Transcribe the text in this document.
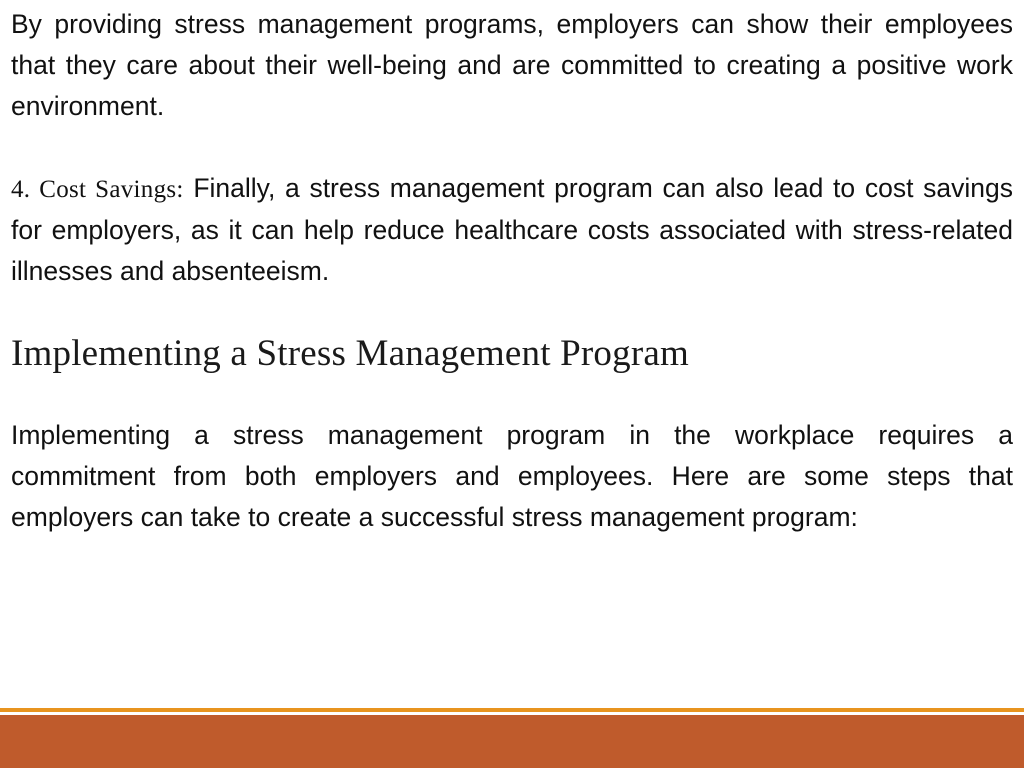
By providing stress management programs, employers can show their employees that they care about their well-being and are committed to creating a positive work environment.

4. Cost Savings: Finally, a stress management program can also lead to cost savings for employers, as it can help reduce healthcare costs associated with stress-related illnesses and absenteeism.

Implementing a Stress Management Program

Implementing a stress management program in the workplace requires a commitment from both employers and employees. Here are some steps that employers can take to create a successful stress management program:
